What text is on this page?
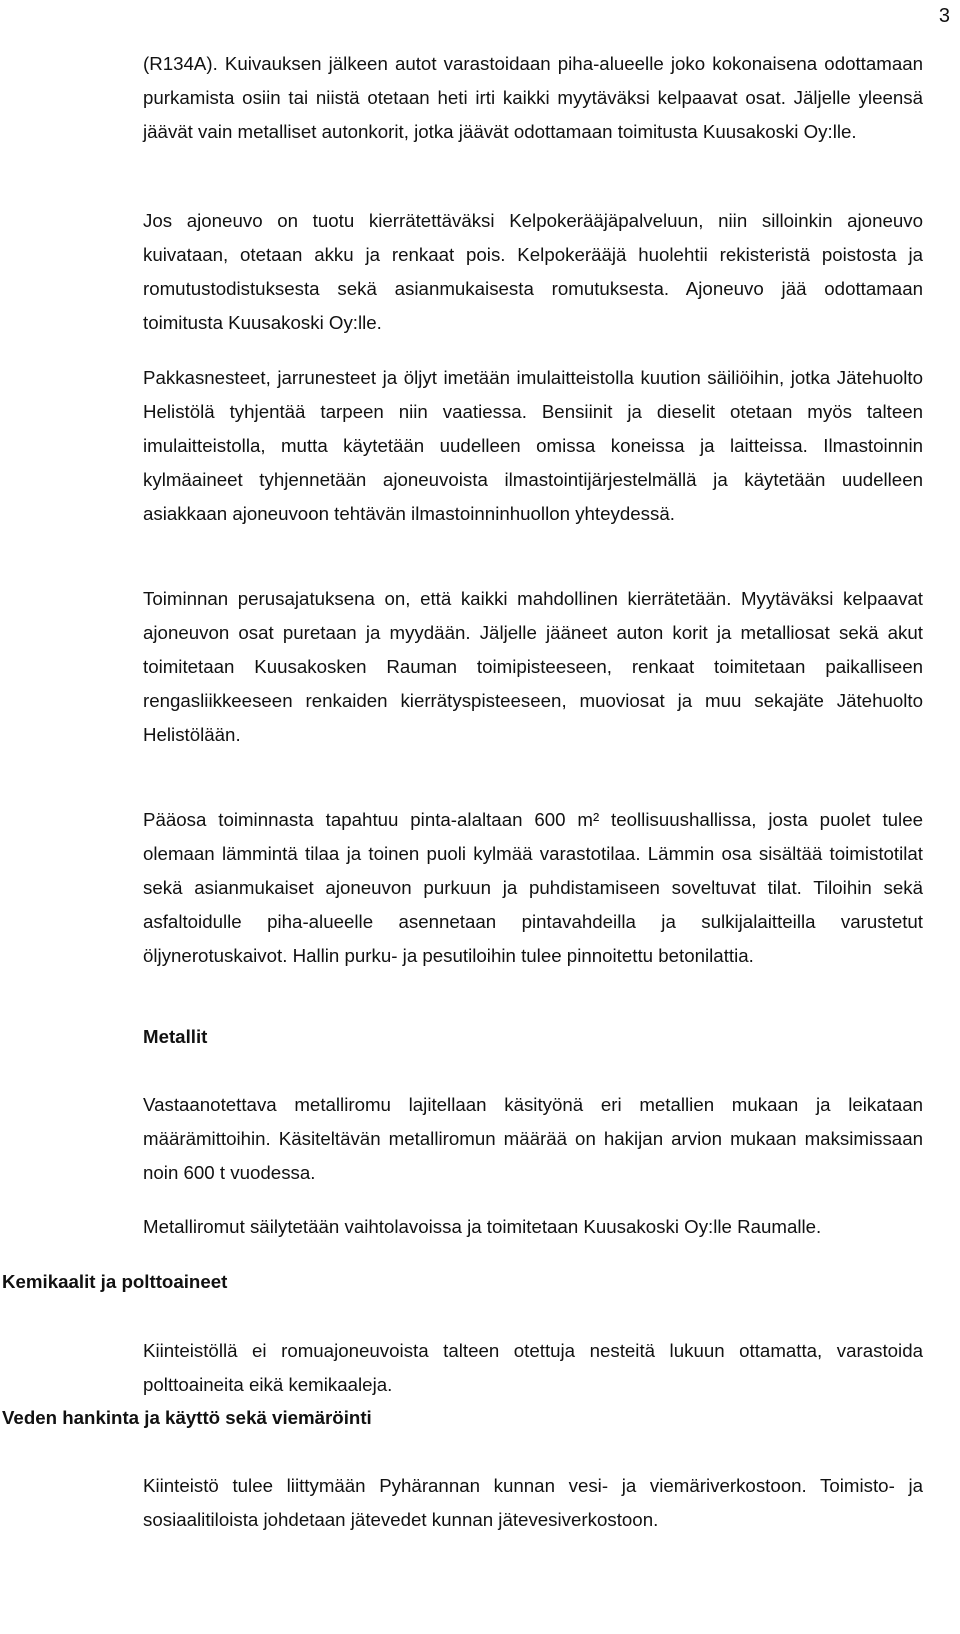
3

(R134A). Kuivauksen jälkeen autot varastoidaan piha-alueelle joko kokonaisena odottamaan purkamista osiin tai niistä otetaan heti irti kaikki myytäväksi kelpaavat osat. Jäljelle yleensä jäävät vain metalliset autonkorit, jotka jäävät odottamaan toimitusta Kuusakoski Oy:lle.

Jos ajoneuvo on tuotu kierrätettäväksi Kelpokerääjäpalveluun, niin silloinkin ajoneuvo kuivataan, otetaan akku ja renkaat pois. Kelpokerääjä huolehtii rekisteristä poistosta ja romutustodistuksesta sekä asianmukaisesta romutuksesta. Ajoneuvo jää odottamaan toimitusta Kuusakoski Oy:lle.

Pakkasnesteet, jarrunesteet ja öljyt imetään imulaitteistolla kuution säiliöihin, jotka Jätehuolto Helistölä tyhjentää tarpeen niin vaatiessa. Bensiinit ja dieselit otetaan myös talteen imulaitteistolla, mutta käytetään uudelleen omissa koneissa ja laitteissa. Ilmastoinnin kylmäaineet tyhjennetään ajoneuvoista ilmastointijärjestelmällä ja käytetään uudelleen asiakkaan ajoneuvoon tehtävän ilmastoinninhuollon yhteydessä.

Toiminnan perusajatuksena on, että kaikki mahdollinen kierrätetään. Myytäväksi kelpaavat ajoneuvon osat puretaan ja myydään. Jäljelle jääneet auton korit ja metalliosat sekä akut toimitetaan Kuusakosken Rauman toimipisteeseen, renkaat toimitetaan paikalliseen rengasliikkeeseen renkaiden kierrätyspisteeseen, muoviosat ja muu sekajäte Jätehuolto Helistölään.

Pääosa toiminnasta tapahtuu pinta-alaltaan 600 m² teollisuushallissa, josta puolet tulee olemaan lämmintä tilaa ja toinen puoli kylmää varastotilaa. Lämmin osa sisältää toimistotilat sekä asianmukaiset ajoneuvon purkuun ja puhdistamiseen soveltuvat tilat. Tiloihin sekä asfaltoidulle piha-alueelle asennetaan pintavahdeilla ja sulkijalaitteilla varustetut öljynerotuskaivot. Hallin purku- ja pesutiloihin tulee pinnoitettu betonilattia.

Metallit

Vastaanotettava metalliromu lajitellaan käsityönä eri metallien mukaan ja leikataan määrämittoihin. Käsiteltävän metalliromun määrää on hakijan arvion mukaan maksimissaan noin 600 t vuodessa.

Metalliromut säilytetään vaihtolavoissa ja toimitetaan Kuusakoski Oy:lle Raumalle.

Kemikaalit ja polttoaineet

Kiinteistöllä ei romuajoneuvoista talteen otettuja nesteitä lukuun ottamatta, varastoida polttoaineita eikä kemikaaleja.

Veden hankinta ja käyttö sekä viemäröinti

Kiinteistö tulee liittymään Pyhärannan kunnan vesi- ja viemäriverkostoon. Toimisto- ja sosiaalitiloista johdetaan jätevedet kunnan jätevesiverkostoon.
